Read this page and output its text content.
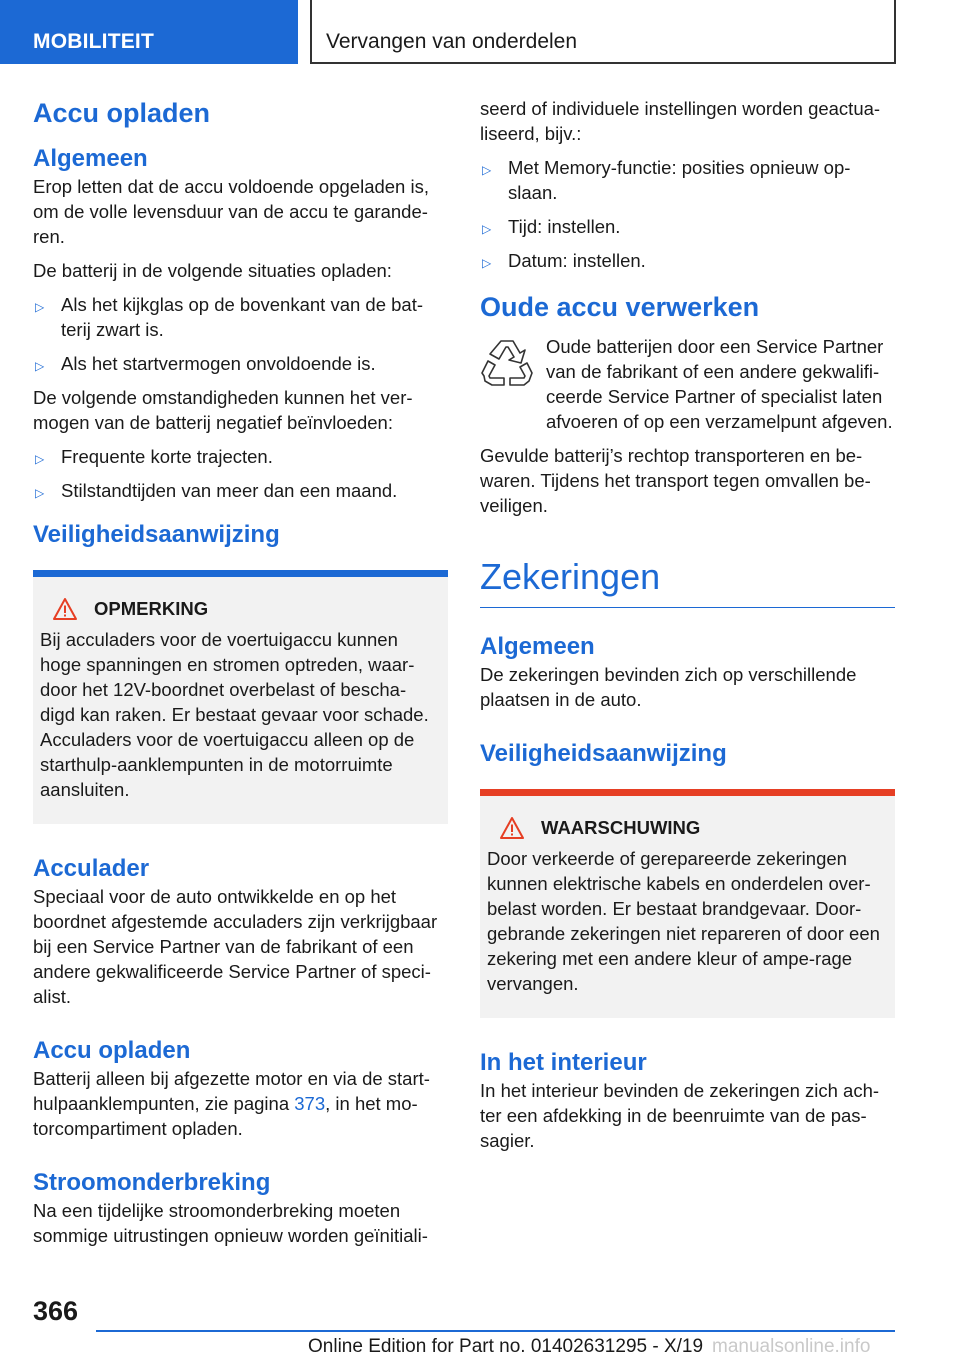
MOBILITEIT	Vervangen van onderdelen
Accu opladen
Algemeen

Erop letten dat de accu voldoende opgeladen is, om de volle levensduur van de accu te garande-ren.

De batterij in de volgende situaties opladen:

▷ Als het kijkglas op de bovenkant van de bat-terij zwart is.
▷ Als het startvermogen onvoldoende is.

De volgende omstandigheden kunnen het ver-mogen van de batterij negatief beïnvloeden:

▷ Frequente korte trajecten.
▷ Stilstandtijden van meer dan een maand.
Veiligheidsaanwijzing
OPMERKING

Bij acculaders voor de voertuigaccu kunnen hoge spanningen en stromen optreden, waar-door het 12V-boordnet overbelast of bescha-digd kan raken. Er bestaat gevaar voor schade. Acculaders voor de voertuigaccu alleen op de starthulp-aanklempunten in de motorruimte aansluiten.

Acculader

Speciaal voor de auto ontwikkelde en op het boordnet afgestemde acculaders zijn verkrijgbaar bij een Service Partner van de fabrikant of een andere gekwalificeerde Service Partner of speci-alist.

Accu opladen

Batterij alleen bij afgezette motor en via de start-hulpaanklempunten, zie pagina 373, in het mo-torcompartiment opladen.

Stroomonderbreking

Na een tijdelijke stroomonderbreking moeten sommige uitrustingen opnieuw worden geïnitiali-

seerd of individuele instellingen worden geactua-liseerd, bijv.:

▷ Met Memory-functie: posities opnieuw op-slaan.
▷ Tijd: instellen.
▷ Datum: instellen.
Oude accu verwerken

Oude batterijen door een Service Partner van de fabrikant of een andere gekwalifi-ceerde Service Partner of specialist laten afvoeren of op een verzamelpunt afgeven.

Gevulde batterij’s rechtop transporteren en be-waren. Tijdens het transport tegen omvallen be-veiligen.

Zekeringen
Algemeen

De zekeringen bevinden zich op verschillende plaatsen in de auto.

Veiligheidsaanwijzing
WAARSCHUWING

Door verkeerde of gerepareerde zekeringen kunnen elektrische kabels en onderdelen over-belast worden. Er bestaat brandgevaar. Door-gebrande zekeringen niet repareren of door een zekering met een andere kleur of ampe-rage vervangen.

In het interieur

In het interieur bevinden de zekeringen zich ach-ter een afdekking in de beenruimte van de pas-sagier.

366
Online Edition for Part no. 01402631295 - X/19 manualsonline.info
